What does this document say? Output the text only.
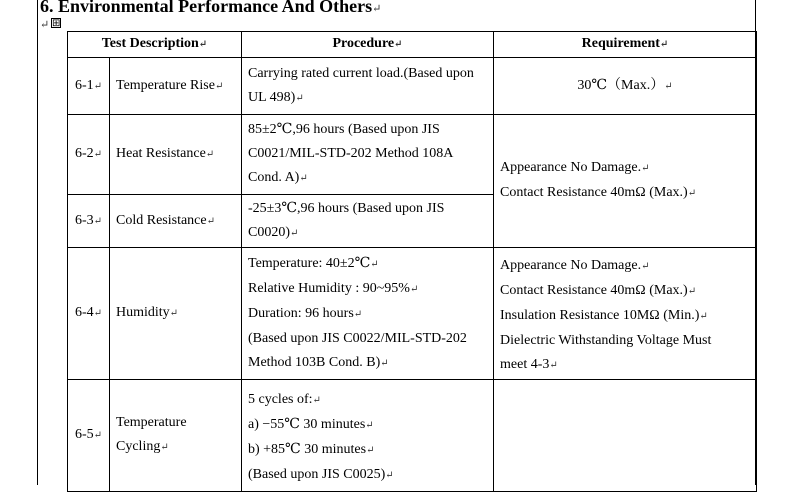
6. Environmental Performance And Others↵
↵ ⊞
Test Description↵		Procedure↵	Requirement↵
6-1↵	Temperature Rise↵	Carrying rated current load.(Based upon
UL 498)↵	30℃（Max.）↵
6-2↵	Heat Resistance↵	85±2℃,96 hours (Based upon JIS
C0021/MIL-STD-202 Method 108A
Cond. A)↵	Appearance No Damage.↵
Contact Resistance 40mΩ (Max.)↵

6-3↵	Cold Resistance↵	-25±3℃,96 hours (Based upon JIS
C0020)↵	

6-4↵	Humidity↵	Temperature: 40±2℃↵
Relative Humidity : 90~95%↵
Duration: 96 hours↵
(Based upon JIS C0022/MIL-STD-202
Method 103B Cond. B)↵	Appearance No Damage.↵
Contact Resistance 40mΩ (Max.)↵
Insulation Resistance 10MΩ (Min.)↵
Dielectric Withstanding Voltage Must
meet 4-3↵

6-5↵	Temperature
Cycling↵	5 cycles of:↵
a) −55℃ 30 minutes↵
b) +85℃ 30 minutes↵
(Based upon JIS C0025)↵	
